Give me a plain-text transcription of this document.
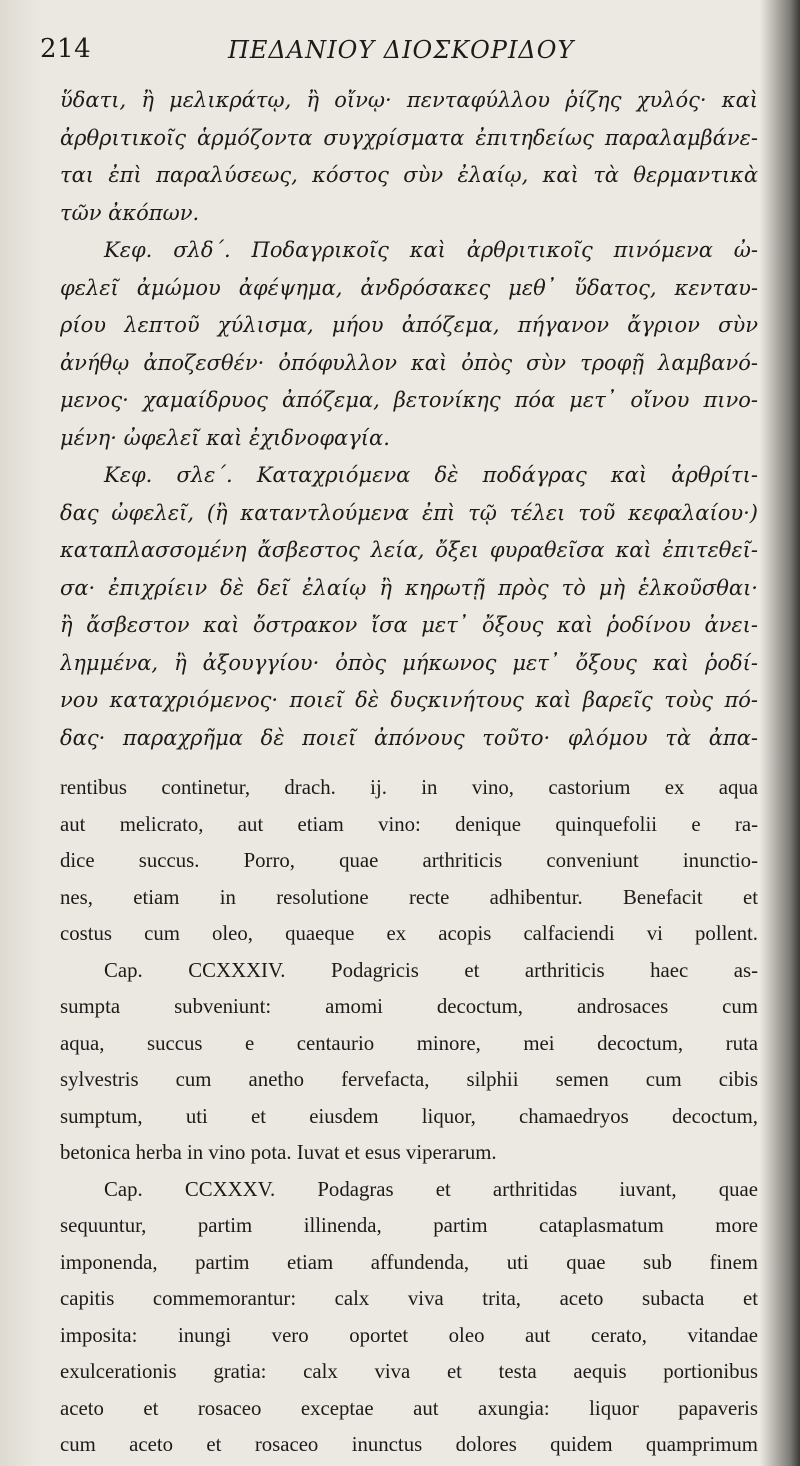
214	ΠΕΔΑΝΙΟΥ ΔΙΟΣΚΟΡΙΔΟΥ
ὕδατι, ἢ μελικράτῳ, ἢ οἴνῳ· πενταφύλλου ῥίζης χυλός· καὶ
ἀρθριτικοῖς ἁρμόζοντα συγχρίσματα ἐπιτηδείως παραλαμβάνε-
ται ἐπὶ παραλύσεως, κόστος σὺν ἐλαίῳ, καὶ τὰ θερμαντικὰ
τῶν ἀκόπων.
Κεφ. σλδ΄. Ποδαγρικοῖς καὶ ἀρθριτικοῖς πινόμενα ὠ-
φελεῖ ἀμώμου ἀφέψημα, ἀνδρόσακες μεθ᾽ ὕδατος, κενταυ-
ρίου λεπτοῦ χύλισμα, μήου ἀπόζεμα, πήγανον ἄγριον σὺν
ἀνήθῳ ἀποζεσθέν· ὀπόφυλλον καὶ ὀπὸς σὺν τροφῇ λαμβανό-
μενος· χαμαίδρυος ἀπόζεμα, βετονίκης πόα μετ᾽ οἴνου πινο-
μένη· ὠφελεῖ καὶ ἐχιδνοφαγία.
Κεφ. σλε΄. Καταχριόμενα δὲ ποδάγρας καὶ ἀρθρίτι-
δας ὠφελεῖ, (ἢ καταντλούμενα ἐπὶ τῷ τέλει τοῦ κεφαλαίου·)
καταπλασσομένη ἄσβεστος λεία, ὄξει φυραθεῖσα καὶ ἐπιτεθεῖ-
σα· ἐπιχρίειν δὲ δεῖ ἐλαίῳ ἢ κηρωτῇ πρὸς τὸ μὴ ἑλκοῦσθαι·
ἢ ἄσβεστον καὶ ὄστρακον ἴσα μετ᾽ ὄξους καὶ ῥοδίνου ἀνει-
λημμένα, ἢ ἀξουγγίου· ὀπὸς μήκωνος μετ᾽ ὄξους καὶ ῥοδί-
νου καταχριόμενος· ποιεῖ δὲ δυςκινήτους καὶ βαρεῖς τοὺς πό-
δας· παραχρῆμα δὲ ποιεῖ ἀπόνους τοῦτο· φλόμου τὰ ἀπα-
rentibus continetur, drach. ij. in vino, castorium ex aqua
aut melicrato, aut etiam vino: denique quinquefolii e ra-
dice succus. Porro, quae arthriticis conveniunt inunctio-
nes, etiam in resolutione recte adhibentur. Benefacit et
costus cum oleo, quaeque ex acopis calfaciendi vi pollent.
Cap. CCXXXIV. Podagricis et arthriticis haec as-
sumpta subveniunt: amomi decoctum, androsaces cum
aqua, succus e centaurio minore, mei decoctum, ruta
sylvestris cum anetho fervefacta, silphii semen cum cibis
sumptum, uti et eiusdem liquor, chamaedryos decoctum,
betonica herba in vino pota. Iuvat et esus viperarum.
Cap. CCXXXV. Podagras et arthritidas iuvant, quae
sequuntur, partim illinenda, partim cataplasmatum more
imponenda, partim etiam affundenda, uti quae sub finem
capitis commemorantur: calx viva trita, aceto subacta et
imposita: inungi vero oportet oleo aut cerato, vitandae
exulcerationis gratia: calx viva et testa aequis portionibus
aceto et rosaceo exceptae aut axungia: liquor papaveris
cum aceto et rosaceo inunctus dolores quidem quamprimum
